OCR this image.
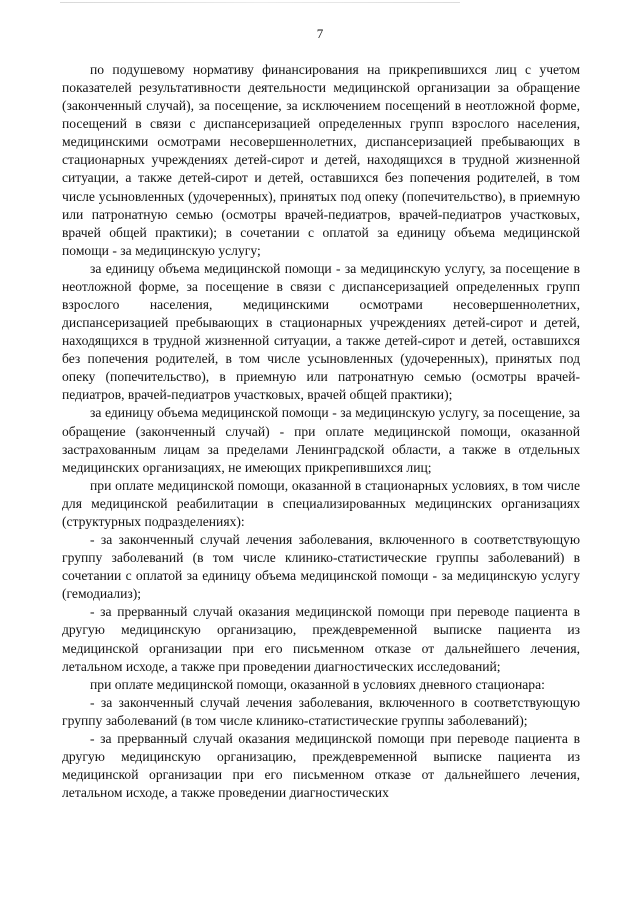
7

по подушевому нормативу финансирования на прикрепившихся лиц с учетом показателей результативности деятельности медицинской организации за обращение (законченный случай), за посещение, за исключением посещений в неотложной форме, посещений в связи с диспансеризацией определенных групп взрослого населения, медицинскими осмотрами несовершеннолетних, диспансеризацией пребывающих в стационарных учреждениях детей-сирот и детей, находящихся в трудной жизненной ситуации, а также детей-сирот и детей, оставшихся без попечения родителей, в том числе усыновленных (удочеренных), принятых под опеку (попечительство), в приемную или патронатную семью (осмотры врачей-педиатров, врачей-педиатров участковых, врачей общей практики); в сочетании с оплатой за единицу объема медицинской помощи - за медицинскую услугу;

за единицу объема медицинской помощи - за медицинскую услугу, за посещение в неотложной форме, за посещение в связи с диспансеризацией определенных групп взрослого населения, медицинскими осмотрами несовершеннолетних, диспансеризацией пребывающих в стационарных учреждениях детей-сирот и детей, находящихся в трудной жизненной ситуации, а также детей-сирот и детей, оставшихся без попечения родителей, в том числе усыновленных (удочеренных), принятых под опеку (попечительство), в приемную или патронатную семью (осмотры врачей-педиатров, врачей-педиатров участковых, врачей общей практики);

за единицу объема медицинской помощи - за медицинскую услугу, за посещение, за обращение (законченный случай) - при оплате медицинской помощи, оказанной застрахованным лицам за пределами Ленинградской области, а также в отдельных медицинских организациях, не имеющих прикрепившихся лиц;

при оплате медицинской помощи, оказанной в стационарных условиях, в том числе для медицинской реабилитации в специализированных медицинских организациях (структурных подразделениях):

- за законченный случай лечения заболевания, включенного в соответствующую группу заболеваний (в том числе клинико-статистические группы заболеваний) в сочетании с оплатой за единицу объема медицинской помощи - за медицинскую услугу (гемодиализ);

- за прерванный случай оказания медицинской помощи при переводе пациента в другую медицинскую организацию, преждевременной выписке пациента из медицинской организации при его письменном отказе от дальнейшего лечения, летальном исходе, а также при проведении диагностических исследований;

при оплате медицинской помощи, оказанной в условиях дневного стационара:

- за законченный случай лечения заболевания, включенного в соответствующую группу заболеваний (в том числе клинико-статистические группы заболеваний);

- за прерванный случай оказания медицинской помощи при переводе пациента в другую медицинскую организацию, преждевременной выписке пациента из медицинской организации при его письменном отказе от дальнейшего лечения, летальном исходе, а также проведении диагностических
